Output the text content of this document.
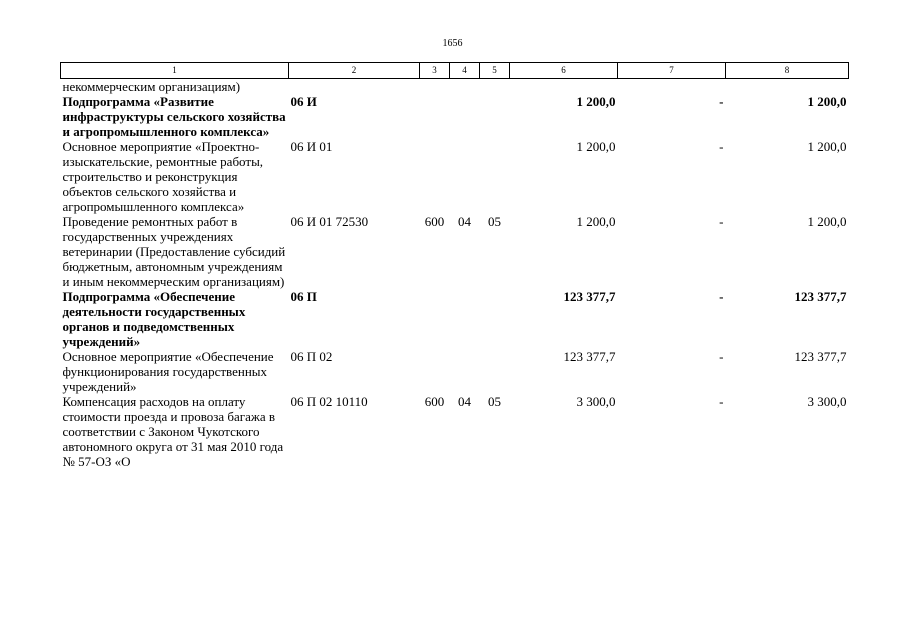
1656
1	2	3	4	5	6	7	8
некоммерческим организациям)							
Подпрограмма «Развитие инфраструктуры сельского хозяйства и агропромышленного комплекса»	06 И				1 200,0	-	1 200,0
Основное мероприятие «Проектно-изыскательские, ремонтные работы, строительство и реконструкция объектов сельского хозяйства и агропромышленного комплекса»	06 И 01				1 200,0	-	1 200,0
Проведение ремонтных работ в государственных учреждениях ветеринарии (Предоставление субсидий бюджетным, автономным учреждениям и иным некоммерческим организациям)	06 И 01 72530	600	04	05	1 200,0	-	1 200,0
Подпрограмма «Обеспечение деятельности государственных органов и подведомственных учреждений»	06 П				123 377,7	-	123 377,7
Основное мероприятие «Обеспечение функционирования государственных учреждений»	06 П 02				123 377,7	-	123 377,7
Компенсация расходов на оплату стоимости проезда и провоза багажа в соответствии с Законом Чукотского автономного округа от 31 мая 2010 года № 57-ОЗ «О	06 П 02 10110	600	04	05	3 300,0	-	3 300,0
